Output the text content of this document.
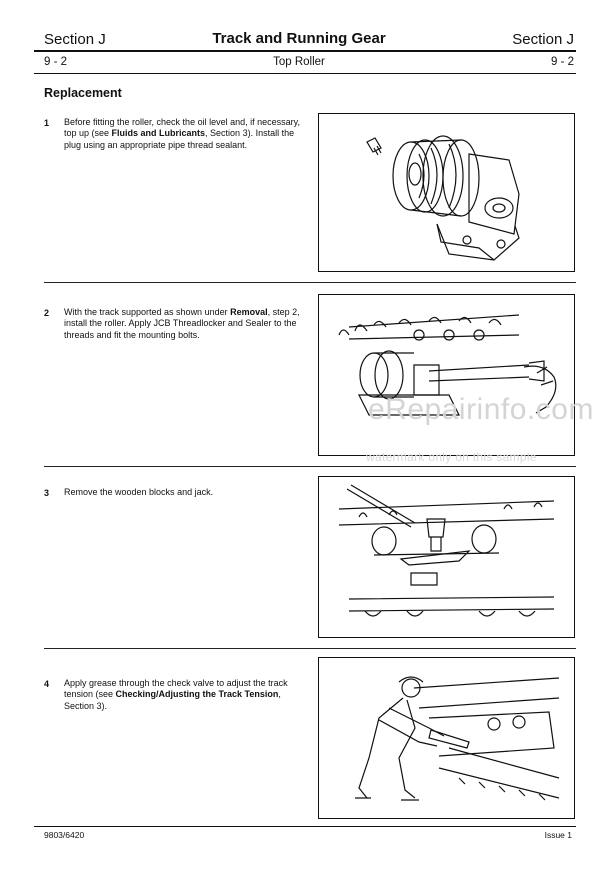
Section J	Track and Running Gear	Section J
9 - 2	Top Roller	9 - 2
Replacement
1 Before fitting the roller, check the oil level and, if necessary, top up (see Fluids and Lubricants, Section 3). Install the plug using an appropriate pipe thread sealant.
2 With the track supported as shown under Removal, step 2, install the roller. Apply JCB Threadlocker and Sealer to the threads and fit the mounting bolts.
eRepairinfo.com
watermark only on this sample
3 Remove the wooden blocks and jack.
4 Apply grease through the check valve to adjust the track tension (see Checking/Adjusting the Track Tension, Section 3).
9803/6420	Issue 1
